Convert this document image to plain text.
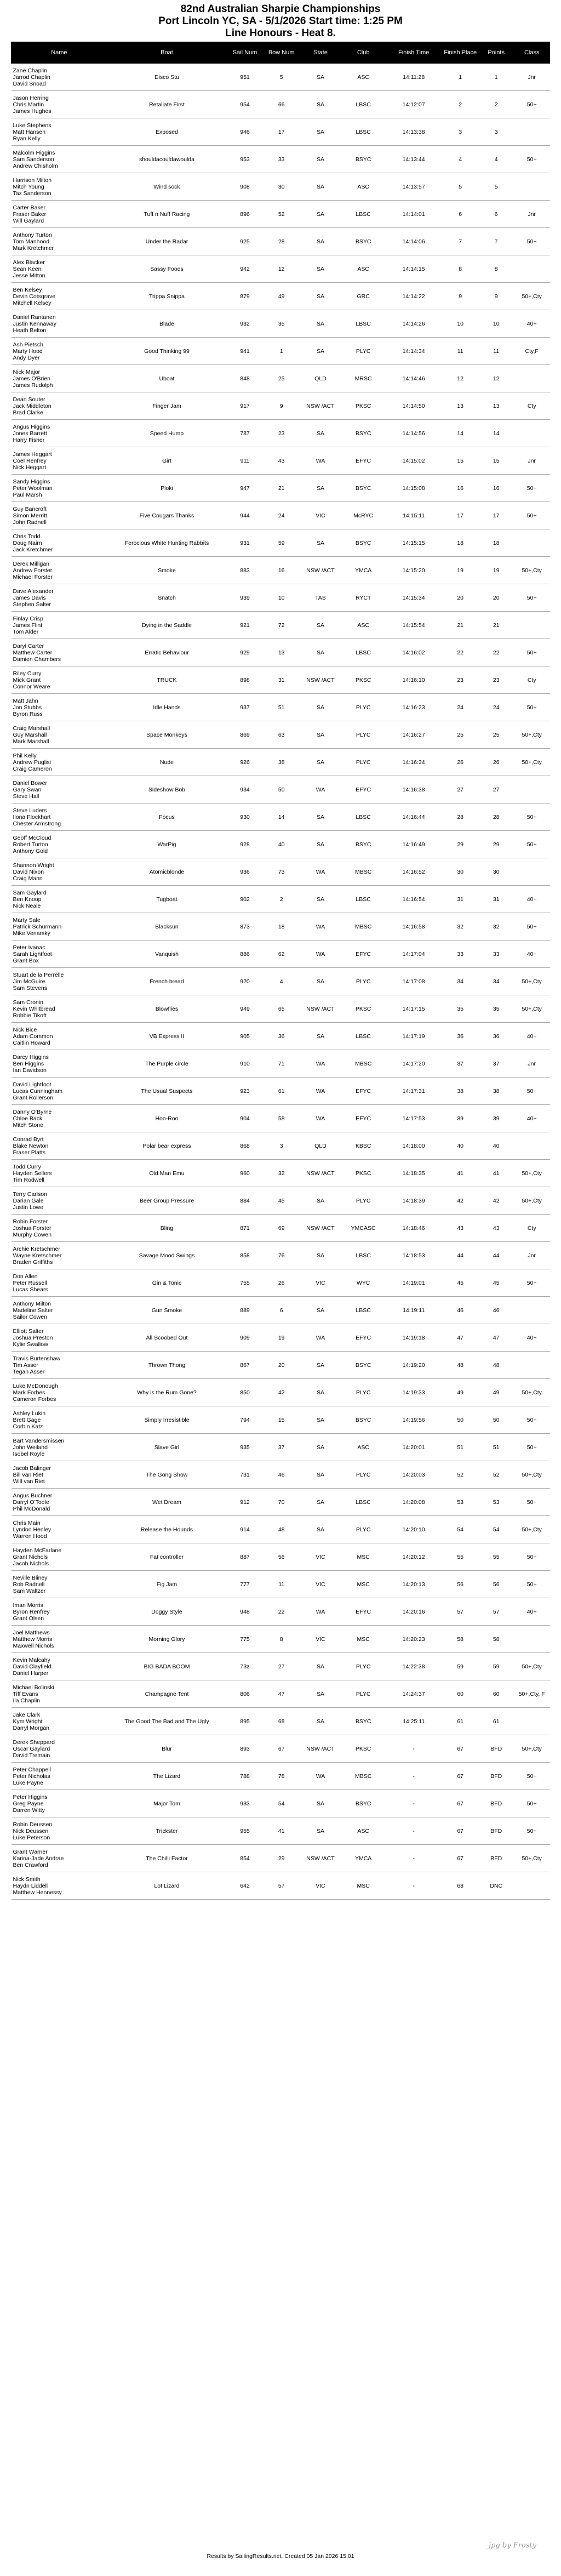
82nd Australian Sharpie Championships
Port Lincoln YC, SA - 5/1/2026 Start time: 1:25 PM
Line Honours - Heat 8.
Name	Boat	Sail Num	Bow Num	State	Club	Finish Time	Finish Place	Points	Class

Zane Chaplin
Jarrod Chaplin
David Snoad	Disco Stu	951	5	SA	ASC	14:11:28	1	1	Jnr

Jason Herring
Chris Martin
James Hughes	Retaliate First	954	66	SA	LBSC	14:12:07	2	2	50+

Luke Stephens
Matt Hansen
Ryan Kelly	Exposed	946	17	SA	LBSC	14:13:38	3	3	

Malcolm Higgins
Sam Sanderson
Andrew Chisholm	shouldacouldawoulda	953	33	SA	BSYC	14:13:44	4	4	50+

Harrison Milton
Mitch Young
Taz Sanderson	Wind sock	908	30	SA	ASC	14:13:57	5	5	

Carter Baker
Fraser Baker
Will Gaylard	Tuff n Nuff Racing	896	52	SA	LBSC	14:14:01	6	6	Jnr

Anthony Turton
Tom Manhood
Mark Kretchmer	Under the Radar	925	28	SA	BSYC	14:14:06	7	7	50+

Alex Blacker
Sean Keen
Jesse Mitton	Sassy Foods	942	12	SA	ASC	14:14:15	8	8	

Ben Kelsey
Devin Cotsgrave
Mitchell Kelsey	Trippa Snippa	879	49	SA	GRC	14:14:22	9	9	50+,Cty

Daniel Rantanen
Justin Kennaway
Heath Belton	Blade	932	35	SA	LBSC	14:14:26	10	10	40+

Ash Pietsch
Marty Hood
Andy Dyer	Good Thinking 99	941	1	SA	PLYC	14:14:34	11	11	Cty,F

Nick Major
James O'Brien
James Rudolph	Uboat	848	25	QLD	MRSC	14:14:46	12	12	

Dean Souter
Jack Middleton
Brad Clarke	Finger Jam	917	9	NSW /ACT	PKSC	14:14:50	13	13	Cty

Angus Higgins
Jones Barrett
Harry Fisher	Speed Hump	787	23	SA	BSYC	14:14:56	14	14	

James Heggart
Coel Renfrey
Nick Heggart	Girt	911	43	WA	EFYC	14:15:02	15	15	Jnr

Sandy Higgins
Peter Woolman
Paul Marsh	Ploki	947	21	SA	BSYC	14:15:08	16	16	50+

Guy Bancroft
Simon Merritt
John Radnell	Five Cougars Thanks	944	24	VIC	McRYC	14:15:11	17	17	50+

Chris Todd
Doug Nairn
Jack Kretchmer	Ferocious White Hunting Rabbits	931	59	SA	BSYC	14:15:15	18	18	

Derek Milligan
Andrew Forster
Michael Forster	Smoke	883	16	NSW /ACT	YMCA	14:15:20	19	19	50+,Cty

Dave Alexander
James Davis
Stephen Salter	Snatch	939	10	TAS	RYCT	14:15:34	20	20	50+

Finlay Crisp
James Flint
Tom Alder	Dying in the Saddle	921	72	SA	ASC	14:15:54	21	21	

Daryl Carter
Matthew Carter
Damien Chambers	Erratic Behaviour	929	13	SA	LBSC	14:16:02	22	22	50+

Riley Curry
Mick Grant
Connor Weare	TRUCK	898	31	NSW /ACT	PKSC	14:16:10	23	23	Cty

Matt Jahn
Jon Stubbs
Byron Russ	Idle Hands	937	51	SA	PLYC	14:16:23	24	24	50+

Craig Marshall
Guy Marshall
Mark Marshall	Space Monkeys	869	63	SA	PLYC	14:16:27	25	25	50+,Cty

Phil Kelly
Andrew Puglisi
Craig Cameron	Nude	926	38	SA	PLYC	14:16:34	26	26	50+,Cty

Daniel Bower
Gary Swan
Steve Hall	Sideshow Bob	934	50	WA	EFYC	14:16:38	27	27	

Steve Luders
Ilona Flockhart
Chester Armstrong	Focus	930	14	SA	LBSC	14:16:44	28	28	50+

Geoff McCloud
Robert Turton
Anthony Gold	WarPig	928	40	SA	BSYC	14:16:49	29	29	50+

Shannon Wright
David Nixon
Craig Mann	Atomicblonde	936	73	WA	MBSC	14:16:52	30	30	

Sam Gaylard
Ben Knoop
Nick Neale	Tugboat	902	2	SA	LBSC	14:16:54	31	31	40+

Marty Sale
Patrick Schurmann
Mike Venarsky	Blacksun	873	18	WA	MBSC	14:16:58	32	32	50+

Peter Ivanac
Sarah Lightfoot
Grant Box	Vanquish	886	62	WA	EFYC	14:17:04	33	33	40+

Stuart de la Perrelle
Jim McGuire
Sam Stevens	French bread	920	4	SA	PLYC	14:17:08	34	34	50+,Cty

Sam Cronin
Kevin Whitbread
Robbie Tikoft	Blowflies	949	65	NSW /ACT	PKSC	14:17:15	35	35	50+,Cty

Nick Bice
Adam Common
Caitlin Howard	VB Express II	905	36	SA	LBSC	14:17:19	36	36	40+

Darcy Higgins
Ben Higgins
Ian Davidson	The Purple circle	910	71	WA	MBSC	14:17:20	37	37	Jnr

David Lightfoot
Lucas Cunningham
Grant Rollerson	The Usual Suspects	923	61	WA	EFYC	14:17:31	38	38	50+

Danny O'Byrne
Chloe Back
Mitch Stone	Hoo-Roo	904	58	WA	EFYC	14:17:53	39	39	40+

Conrad Byrt
Blake Newton
Fraser Platts	Polar bear express	868	3	QLD	KBSC	14:18:00	40	40	

Todd Curry
Hayden Sellers
Tim Rodwell	Old Man Emu	960	32	NSW /ACT	PKSC	14:18:35	41	41	50+,Cty

Terry Carlson
Darian Gale
Justin Lowe	Beer Group Pressure	884	45	SA	PLYC	14:18:39	42	42	50+,Cty

Robin Forster
Joshua Forster
Murphy Cowen	Bling	871	69	NSW /ACT	YMCASC	14:18:46	43	43	Cty

Archie Kretschmer
Wayne Kretschmer
Braden Griffiths	Savage Mood Swings	858	76	SA	LBSC	14:18:53	44	44	Jnr

Don Allen
Peter Russell
Lucas Shears	Gin & Tonic	755	26	VIC	WYC	14:19:01	45	45	50+

Anthony Milton
Madeline Salter
Sailor Cowen	Gun Smoke	889	6	SA	LBSC	14:19:11	46	46	

Elliott Salter
Joshua Preston
Kylie Swallow	All Scoobed Out	909	19	WA	EFYC	14:19:18	47	47	40+

Travis Burtenshaw
Tim Asser
Tegan Asser	Thrown Thong	867	20	SA	BSYC	14:19:20	48	48	

Luke McDonough
Mark Forbes
Cameron Forbes	Why is the Rum Gone?	850	42	SA	PLYC	14:19:33	49	49	50+,Cty

Ashley Lukin
Brett Gage
Corbin Katz	Simply Irresistible	794	15	SA	BSYC	14:19:56	50	50	50+

Bart Vandersmissen
John Weiland
Isobel Royle	Slave Girl	935	37	SA	ASC	14:20:01	51	51	50+

Jacob Balinger
Bill van Riet
Will van Riet	The Gong Show	731	46	SA	PLYC	14:20:03	52	52	50+,Cty

Angus Buchner
Darryl O'Toole
Phil McDonald	Wet Dream	912	70	SA	LBSC	14:20:08	53	53	50+

Chris Main
Lyndon Henley
Warren Hood	Release the Hounds	914	48	SA	PLYC	14:20:10	54	54	50+,Cty

Hayden McFarlane
Grant Nichols
Jacob Nichols	Fat controller	887	56	VIC	MSC	14:20:12	55	55	50+

Neville Bliney
Rob Radnell
Sam Waltzer	Fig Jam	777	11	VIC	MSC	14:20:13	56	56	50+

Iman Morris
Byron Renfrey
Grant Olsen	Doggy Style	948	22	WA	EFYC	14:20:16	57	57	40+

Joel Matthews
Matthew Morris
Maxwell Nichols	Morning Glory	775	8	VIC	MSC	14:20:23	58	58	

Kevin Malcahy
David Clayfield
Daniel Harper	BIG BADA BOOM	73z	27	SA	PLYC	14:22:38	59	59	50+,Cty

Michael Bolinski
Tiff Evans
Ila Chaplin	Champagne Tent	806	47	SA	PLYC	14:24:37	60	60	50+,Cty, F

Jake Clark
Kym Wright
Darryl Morgan	The Good The Bad and The Ugly	895	68	SA	BSYC	14:25:11	61	61	

Derek Sheppard
Oscar Gaylard
David Tremain	Blur	893	67	NSW /ACT	PKSC	-	67	BFD	50+,Cty

Peter Chappell
Peter Nicholas
Luke Payne	The Lizard	788	78	WA	MBSC	-	67	BFD	50+

Peter Higgins
Greg Payne
Darren Witty	Major Tom	933	54	SA	BSYC	-	67	BFD	50+

Robin Deussen
Nick Deussen
Luke Peterson	Trickster	955	41	SA	ASC	-	67	BFD	50+

Grant Warner
Karina-Jade Andrae
Ben Crawford	The Chilli Factor	854	29	NSW /ACT	YMCA	-	67	BFD	50+,Cty

Nick Smith
Haydn Liddell
Matthew Hennessy	Lot Lizard	642	57	VIC	MSC	-	68	DNC	
jpg by Frosty
Results by SailingResults.net. Created 05 Jan 2026 15:01
